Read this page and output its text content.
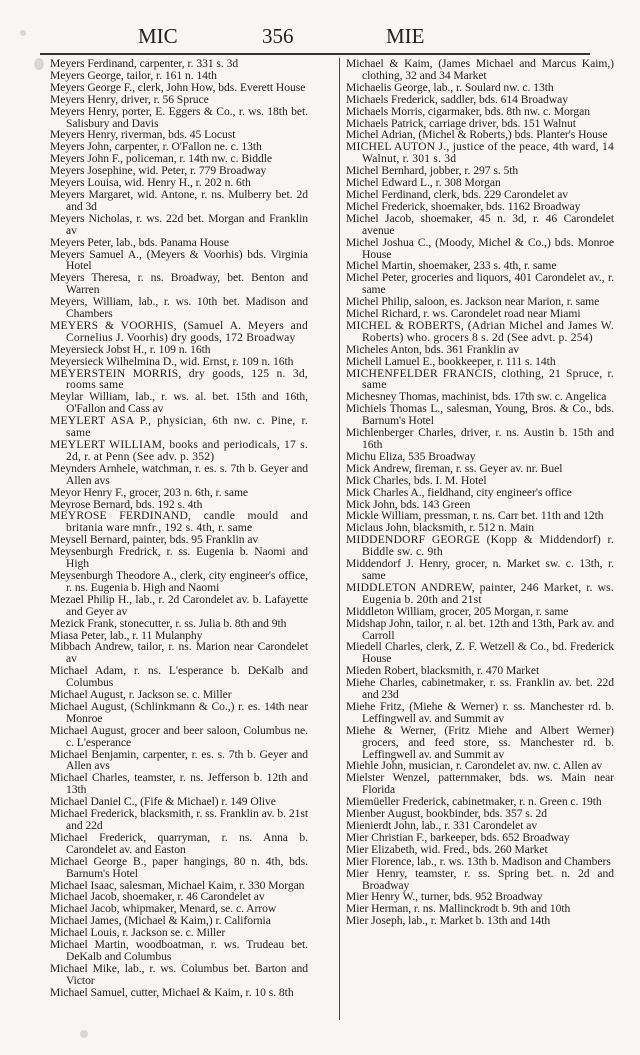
MIC	356	MIE

Meyers Ferdinand, carpenter, r. 331 s. 3d

Meyers George, tailor, r. 161 n. 14th

Meyers George F., clerk, John How, bds. Everett House

Meyers Henry, driver, r. 56 Spruce

Meyers Henry, porter, E. Eggers & Co., r. ws. 18th bet. Salisbury and Davis

Meyers Henry, riverman, bds. 45 Locust

Meyers John, carpenter, r. O'Fallon ne. c. 13th

Meyers John F., policeman, r. 14th nw. c. Biddle

Meyers Josephine, wid. Peter, r. 779 Broadway

Meyers Louisa, wid. Henry H., r. 202 n. 6th

Meyers Margaret, wid. Antone, r. ns. Mulberry bet. 2d and 3d

Meyers Nicholas, r. ws. 22d bet. Morgan and Franklin av

Meyers Peter, lab., bds. Panama House

Meyers Samuel A., (Meyers & Voorhis) bds. Virginia Hotel

Meyers Theresa, r. ns. Broadway, bet. Benton and Warren

Meyers, William, lab., r. ws. 10th bet. Madison and Chambers

MEYERS & VOORHIS, (Samuel A. Meyers and Cornelius J. Voorhis) dry goods, 172 Broadway

Meyersieck Jobst H., r. 109 n. 16th

Meyersieck Wilhelmina D., wid. Ernst, r. 109 n. 16th

MEYERSTEIN MORRIS, dry goods, 125 n. 3d, rooms same

Meylar William, lab., r. ws. al. bet. 15th and 16th, O'Fallon and Cass av

MEYLERT ASA P., physician, 6th nw. c. Pine, r. same

MEYLERT WILLIAM, books and periodicals, 17 s. 2d, r. at Penn (See adv. p. 352)

Meynders Arnhele, watchman, r. es. s. 7th b. Geyer and Allen avs

Meyor Henry F., grocer, 203 n. 6th, r. same

Meyrose Bernard, bds. 192 s. 4th

MEYROSE FERDINAND, candle mould and britania ware mnfr., 192 s. 4th, r. same

Meysell Bernard, painter, bds. 95 Franklin av

Meysenburgh Fredrick, r. ss. Eugenia b. Naomi and High

Meysenburgh Theodore A., clerk, city engineer's office, r. ns. Eugenia b. High and Naomi

Mezael Philip H., lab., r. 2d Carondelet av. b. Lafayette and Geyer av

Mezick Frank, stonecutter, r. ss. Julia b. 8th and 9th

Miasa Peter, lab., r. 11 Mulanphy

Mibbach Andrew, tailor, r. ns. Marion near Carondelet av

Michael Adam, r. ns. L'esperance b. DeKalb and Columbus

Michael August, r. Jackson se. c. Miller

Michael August, (Schlinkmann & Co.,) r. es. 14th near Monroe

Michael August, grocer and beer saloon, Columbus ne. c. L'esperance

Michael Benjamin, carpenter, r. es. s. 7th b. Geyer and Allen avs

Michael Charles, teamster, r. ns. Jefferson b. 12th and 13th

Michael Daniel C., (Fife & Michael) r. 149 Olive

Michael Frederick, blacksmith, r. ss. Franklin av. b. 21st and 22d

Michael Frederick, quarryman, r. ns. Anna b. Carondelet av. and Easton

Michael George B., paper hangings, 80 n. 4th, bds. Barnum's Hotel

Michael Isaac, salesman, Michael Kaim, r. 330 Morgan

Michael Jacob, shoemaker, r. 46 Carondelet av

Michael Jacob, whipmaker, Menard, se. c. Arrow

Michael James, (Michael & Kaim,) r. California

Michael Louis, r. Jackson se. c. Miller

Michael Martin, woodboatman, r. ws. Trudeau bet. DeKalb and Columbus

Michael Mike, lab., r. ws. Columbus bet. Barton and Victor

Michael Samuel, cutter, Michael & Kaim, r. 10 s. 8th

Michael & Kaim, (James Michael and Marcus Kaim,) clothing, 32 and 34 Market

Michaelis George, lab., r. Soulard nw. c. 13th

Michaels Frederick, saddler, bds. 614 Broadway

Michaels Morris, cigarmaker, bds. 8th nw. c. Morgan

Michaels Patrick, carriage driver, bds. 151 Walnut

Michel Adrian, (Michel & Roberts,) bds. Planter's House

MICHEL AUTON J., justice of the peace, 4th ward, 14 Walnut, r. 301 s. 3d

Michel Bernhard, jobber, r. 297 s. 5th

Michel Edward L., r. 308 Morgan

Michel Ferdinand, clerk, bds. 229 Carondelet av

Michel Frederick, shoemaker, bds. 1162 Broadway

Michel Jacob, shoemaker, 45 n. 3d, r. 46 Carondelet avenue

Michel Joshua C., (Moody, Michel & Co.,) bds. Monroe House

Michel Martin, shoemaker, 233 s. 4th, r. same

Michel Peter, groceries and liquors, 401 Carondelet av., r. same

Michel Philip, saloon, es. Jackson near Marion, r. same

Michel Richard, r. ws. Carondelet road near Miami

MICHEL & ROBERTS, (Adrian Michel and James W. Roberts) who. grocers 8 s. 2d (See advt. p. 254)

Micheles Anton, bds. 361 Franklin av

Michell Lamuel E., bookkeeper, r. 111 s. 14th

MICHENFELDER FRANCIS, clothing, 21 Spruce, r. same

Michesney Thomas, machinist, bds. 17th sw. c. Angelica

Michiels Thomas L., salesman, Young, Bros. & Co., bds. Barnum's Hotel

Michlenberger Charles, driver, r. ns. Austin b. 15th and 16th

Michu Eliza, 535 Broadway

Mick Andrew, fireman, r. ss. Geyer av. nr. Buel

Mick Charles, bds. I. M. Hotel

Mick Charles A., fieldhand, city engineer's office

Mick John, bds. 143 Green

Mickle William, pressman, r. ns. Carr bet. 11th and 12th

Miclaus John, blacksmith, r. 512 n. Main

MIDDENDORF GEORGE (Kopp & Middendorf) r. Biddle sw. c. 9th

Middendorf J. Henry, grocer, n. Market sw. c. 13th, r. same

MIDDLETON ANDREW, painter, 246 Market, r. ws. Eugenia b. 20th and 21st

Middleton William, grocer, 205 Morgan, r. same

Midshap John, tailor, r. al. bet. 12th and 13th, Park av. and Carroll

Miedell Charles, clerk, Z. F. Wetzell & Co., bd. Frederick House

Mieden Robert, blacksmith, r. 470 Market

Miehe Charles, cabinetmaker, r. ss. Franklin av. bet. 22d and 23d

Miehe Fritz, (Miehe & Werner) r. ss. Manchester rd. b. Leffingwell av. and Summit av

Miehe & Werner, (Fritz Miehe and Albert Werner) grocers, and feed store, ss. Manchester rd. b. Leffingwell av. and Summit av

Miehle John, musician, r. Carondelet av. nw. c. Allen av

Mielster Wenzel, patternmaker, bds. ws. Main near Florida

Miemüeller Frederick, cabinetmaker, r. n. Green c. 19th

Mienber August, bookbinder, bds. 357 s. 2d

Mienierdt John, lab., r. 331 Carondelet av

Mier Christian F., barkeeper, bds. 652 Broadway

Mier Elizabeth, wid. Fred., bds. 260 Market

Mier Florence, lab., r. ws. 13th b. Madison and Chambers

Mier Henry, teamster, r. ss. Spring bet. n. 2d and Broadway

Mier Henry W., turner, bds. 952 Broadway

Mier Herman, r. ns. Mallinckrodt b. 9th and 10th

Mier Joseph, lab., r. Market b. 13th and 14th
